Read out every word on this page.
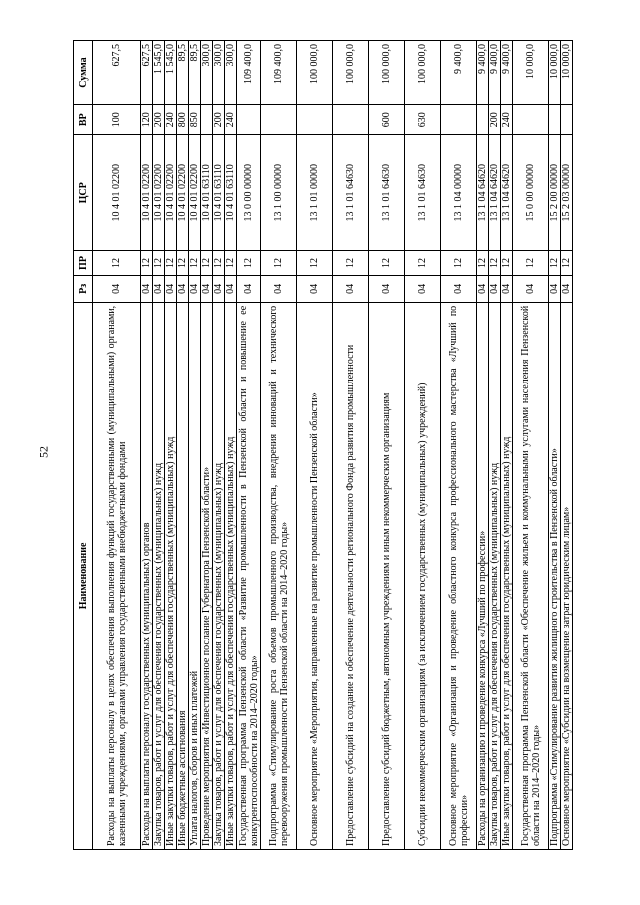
52
Наименование	Рз	ПР	ЦСР	ВР	Сумма
Расходы на выплаты персоналу в целях обеспечения выполнения функций государственными (муниципальными) органами, казенными учреждениями, органами управления государственными внебюджетными фондами	04	12	10 4 01 02200	100	627,5
Расходы на выплаты персоналу государственных (муниципальных) органов	04	12	10 4 01 02200	120	627,5
Закупка товаров, работ и услуг для обеспечения государственных (муниципальных) нужд	04	12	10 4 01 02200	200	1 545,0
Иные закупки товаров, работ и услуг для обеспечения государственных (муниципальных) нужд	04	12	10 4 01 02200	240	1 545,0
Иные бюджетные ассигнования	04	12	10 4 01 02200	800	89,5
Уплата налогов, сборов и иных платежей	04	12	10 4 01 02200	850	89,5
Проведение мероприятия «Инвестиционное послание Губернатора Пензенской области»	04	12	10 4 01 63110		300,0
Закупка товаров, работ и услуг для обеспечения государственных (муниципальных) нужд	04	12	10 4 01 63110	200	300,0
Иные закупки товаров, работ и услуг для обеспечения государственных (муниципальных) нужд	04	12	10 4 01 63110	240	300,0
Государственная программа Пензенской области «Развитие промышленности в Пензенской области и повышение ее конкурентоспособности на 2014–2020 годы»	04	12	13 0 00 00000		109 400,0
Подпрограмма «Стимулирование роста объемов промышленного производства, внедрения инноваций и технического перевооружения промышленности Пензенской области на 2014–2020 годы»	04	12	13 1 00 00000		109 400,0
Основное мероприятие «Мероприятия, направленные на развитие промышленности Пензенской области»	04	12	13 1 01 00000		100 000,0
Предоставление субсидий на создание и обеспечение деятельности регионального Фонда развития промышленности	04	12	13 1 01 64630		100 000,0
Предоставление субсидий бюджетным, автономным учреждениям и иным некоммерческим организациям	04	12	13 1 01 64630	600	100 000,0
Субсидии некоммерческим организациям (за исключением государственных (муниципальных) учреждений)	04	12	13 1 01 64630	630	100 000,0
Основное мероприятие «Организация и проведение областного конкурса профессионального мастерства «Лучший по профессии»	04	12	13 1 04 00000		9 400,0
Расходы на организацию и проведение конкурса «Лучший по профессии»	04	12	13 1 04 64620		9 400,0
Закупка товаров, работ и услуг для обеспечения государственных (муниципальных) нужд	04	12	13 1 04 64620	200	9 400,0
Иные закупки товаров, работ и услуг для обеспечения государственных (муниципальных) нужд	04	12	13 1 04 64620	240	9 400,0
Государственная программа Пензенской области «Обеспечение жильем и коммунальными услугами населения Пензенской области на 2014–2020 годы»	04	12	15 0 00 00000		10 000,0
Подпрограмма «Стимулирование развития жилищного строительства в Пензенской области»	04	12	15 2 00 00000		10 000,0
Основное мероприятие «Субсидии на возмещение затрат юридическим лицам»	04	12	15 2 03 00000		10 000,0
